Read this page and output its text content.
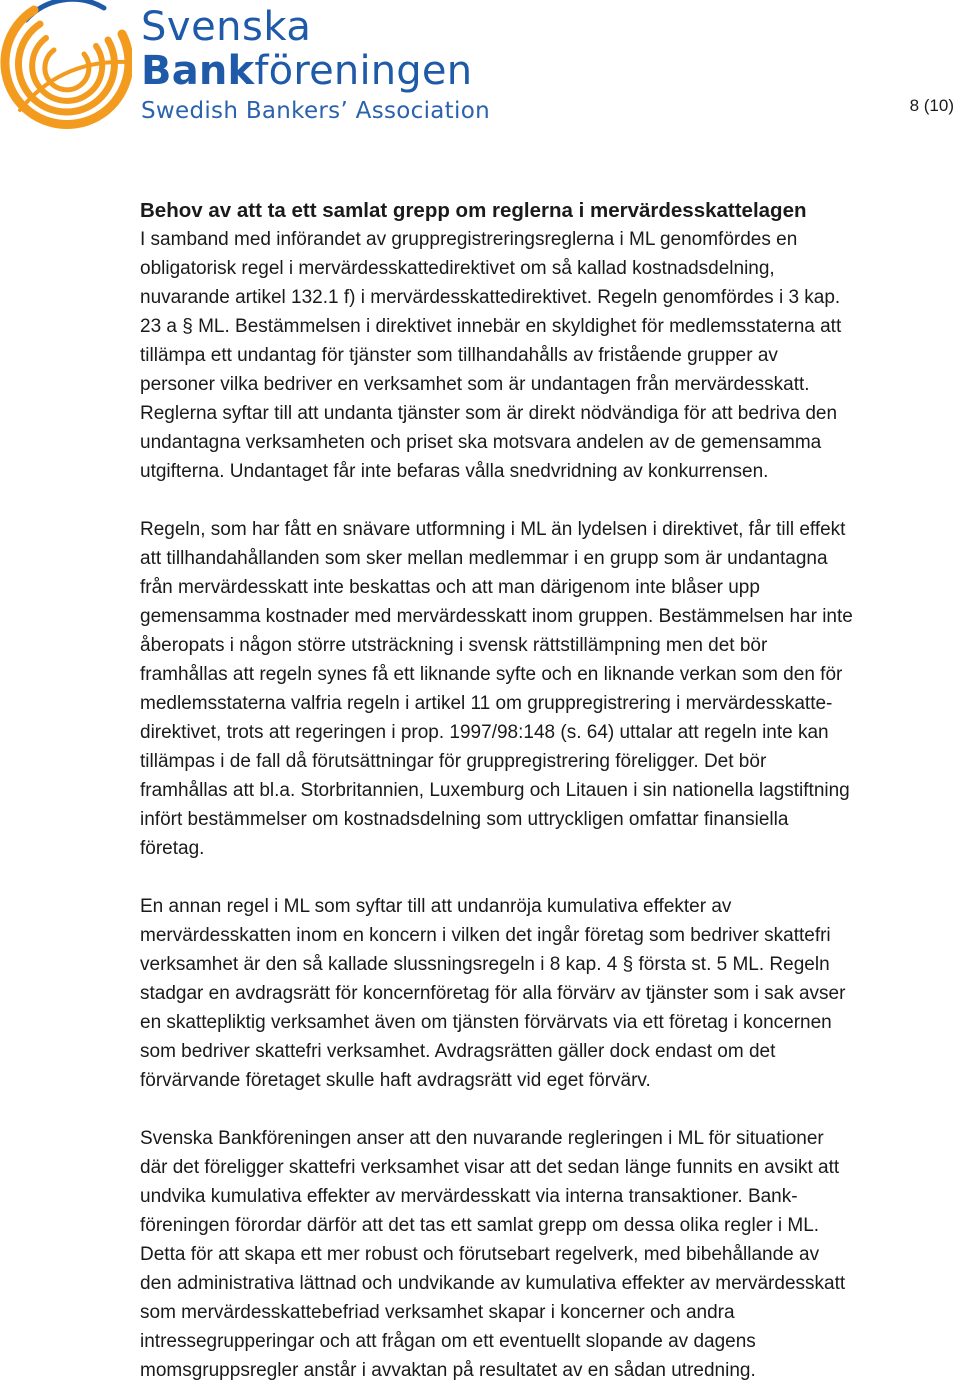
Svenska
Bankföreningen
Swedish Bankers’ Association	8 (10)
Behov av att ta ett samlat grepp om reglerna i mervärdesskattelagen

I samband med införandet av gruppregistreringsreglerna i ML genomfördes en
obligatorisk regel i mervärdesskattedirektivet om så kallad kostnadsdelning,
nuvarande artikel 132.1 f) i mervärdesskattedirektivet. Regeln genomfördes i 3 kap.
23 a § ML. Bestämmelsen i direktivet innebär en skyldighet för medlemsstaterna att
tillämpa ett undantag för tjänster som tillhandahålls av fristående grupper av
personer vilka bedriver en verksamhet som är undantagen från mervärdesskatt.
Reglerna syftar till att undanta tjänster som är direkt nödvändiga för att bedriva den
undantagna verksamheten och priset ska motsvara andelen av de gemensamma
utgifterna. Undantaget får inte befaras vålla snedvridning av konkurrensen.

Regeln, som har fått en snävare utformning i ML än lydelsen i direktivet, får till effekt
att tillhandahållanden som sker mellan medlemmar i en grupp som är undantagna
från mervärdesskatt inte beskattas och att man därigenom inte blåser upp
gemensamma kostnader med mervärdesskatt inom gruppen. Bestämmelsen har inte
åberopats i någon större utsträckning i svensk rättstillämpning men det bör
framhållas att regeln synes få ett liknande syfte och en liknande verkan som den för
medlemsstaterna valfria regeln i artikel 11 om gruppregistrering i mervärdesskatte-
direktivet, trots att regeringen i prop. 1997/98:148 (s. 64) uttalar att regeln inte kan
tillämpas i de fall då förutsättningar för gruppregistrering föreligger. Det bör
framhållas att bl.a. Storbritannien, Luxemburg och Litauen i sin nationella lagstiftning
infört bestämmelser om kostnadsdelning som uttryckligen omfattar finansiella
företag.

En annan regel i ML som syftar till att undanröja kumulativa effekter av
mervärdesskatten inom en koncern i vilken det ingår företag som bedriver skattefri
verksamhet är den så kallade slussningsregeln i 8 kap. 4 § första st. 5 ML. Regeln
stadgar en avdragsrätt för koncernföretag för alla förvärv av tjänster som i sak avser
en skattepliktig verksamhet även om tjänsten förvärvats via ett företag i koncernen
som bedriver skattefri verksamhet. Avdragsrätten gäller dock endast om det
förvärvande företaget skulle haft avdragsrätt vid eget förvärv.

Svenska Bankföreningen anser att den nuvarande regleringen i ML för situationer
där det föreligger skattefri verksamhet visar att det sedan länge funnits en avsikt att
undvika kumulativa effekter av mervärdesskatt via interna transaktioner. Bank-
föreningen förordar därför att det tas ett samlat grepp om dessa olika regler i ML.
Detta för att skapa ett mer robust och förutsebart regelverk, med bibehållande av
den administrativa lättnad och undvikande av kumulativa effekter av mervärdesskatt
som mervärdesskattebefriad verksamhet skapar i koncerner och andra
intressegrupperingar och att frågan om ett eventuellt slopande av dagens
momsgruppsregler anstår i avvaktan på resultatet av en sådan utredning.
